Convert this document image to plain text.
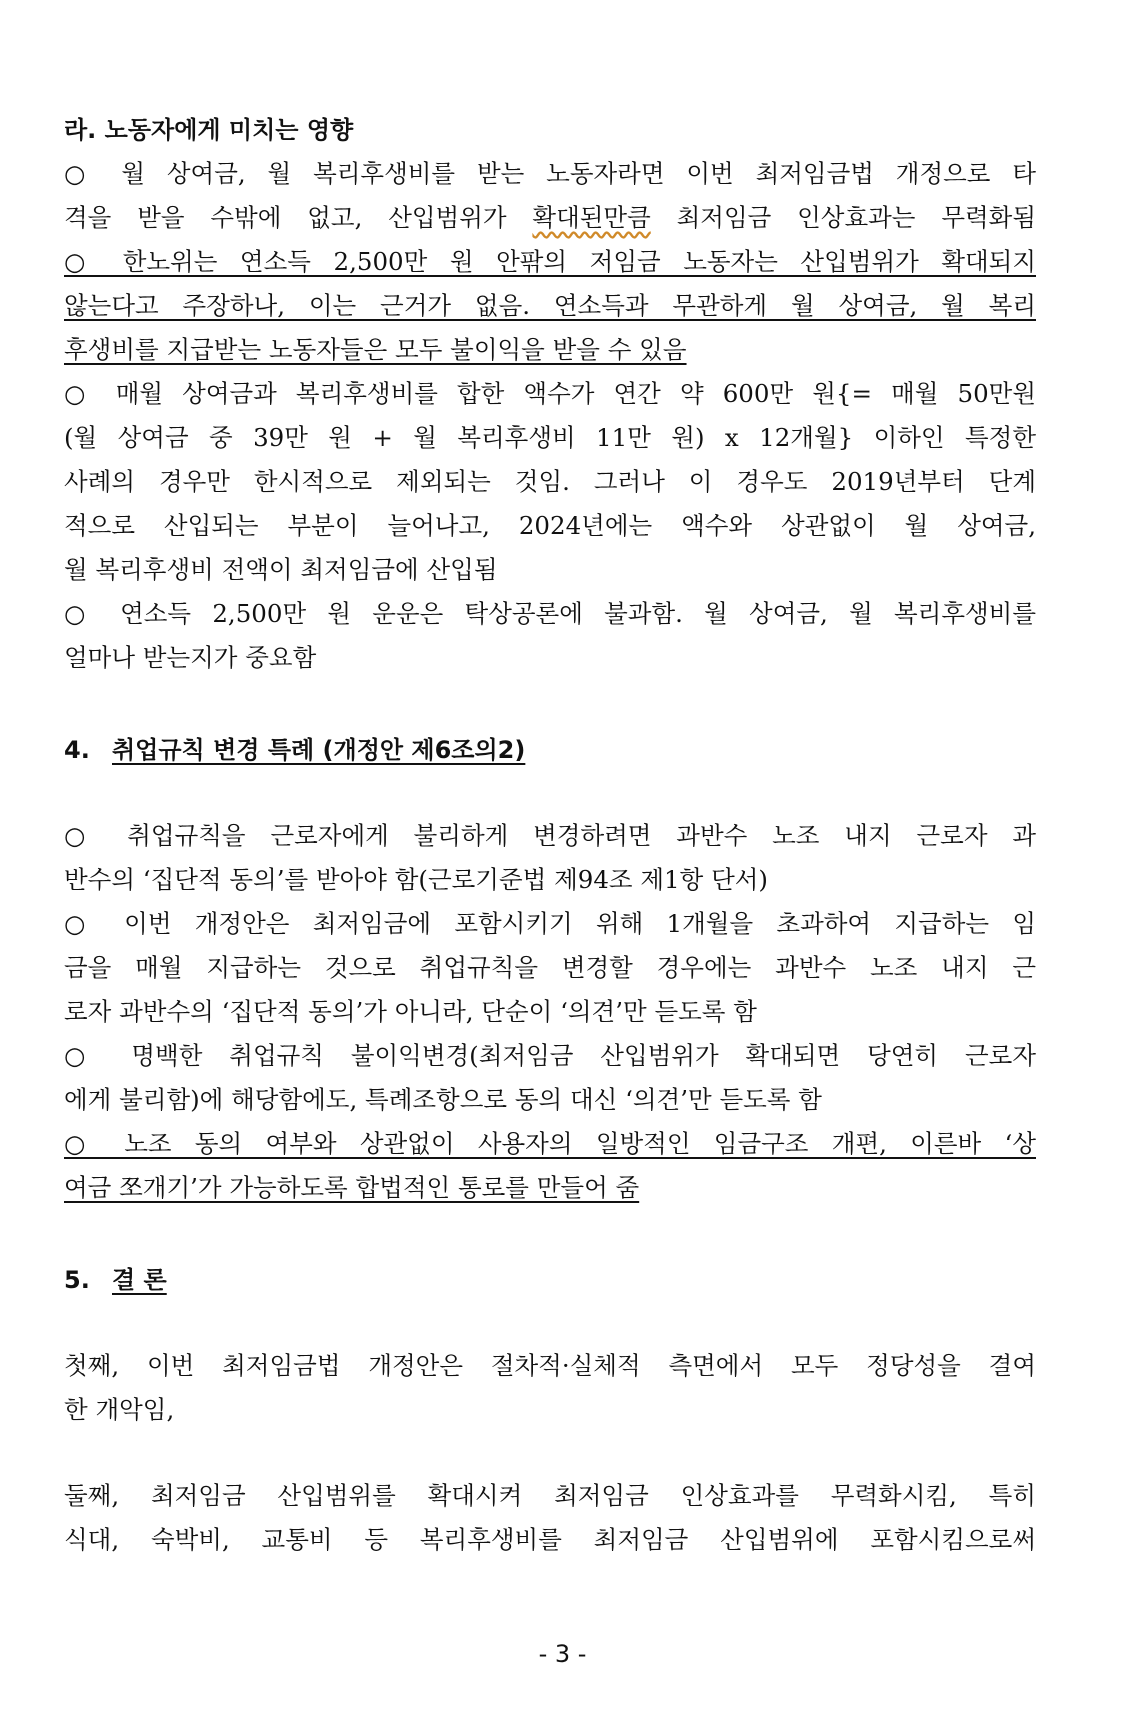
라. 노동자에게 미치는 영향
○ 월 상여금, 월 복리후생비를 받는 노동자라면 이번 최저임금법 개정으로 타
격을 받을 수밖에 없고, 산입범위가 확대된만큼 최저임금 인상효과는 무력화됨
○ 한노위는 연소득 2,500만 원 안팎의 저임금 노동자는 산입범위가 확대되지
않는다고 주장하나, 이는 근거가 없음. 연소득과 무관하게 월 상여금, 월 복리
후생비를 지급받는 노동자들은 모두 불이익을 받을 수 있음
○ 매월 상여금과 복리후생비를 합한 액수가 연간 약 600만 원{= 매월 50만원
(월 상여금 중 39만 원 + 월 복리후생비 11만 원) x 12개월} 이하인 특정한
사례의 경우만 한시적으로 제외되는 것임. 그러나 이 경우도 2019년부터 단계
적으로 산입되는 부분이 늘어나고, 2024년에는 액수와 상관없이 월 상여금,
월 복리후생비 전액이 최저임금에 산입됨
○ 연소득 2,500만 원 운운은 탁상공론에 불과함. 월 상여금, 월 복리후생비를
얼마나 받는지가 중요함
4. 취업규칙 변경 특례 (개정안 제6조의2)
○ 취업규칙을 근로자에게 불리하게 변경하려면 과반수 노조 내지 근로자 과
반수의 ‘집단적 동의’를 받아야 함(근로기준법 제94조 제1항 단서)
○ 이번 개정안은 최저임금에 포함시키기 위해 1개월을 초과하여 지급하는 임
금을 매월 지급하는 것으로 취업규칙을 변경할 경우에는 과반수 노조 내지 근
로자 과반수의 ‘집단적 동의’가 아니라, 단순이 ‘의견’만 듣도록 함
○ 명백한 취업규칙 불이익변경(최저임금 산입범위가 확대되면 당연히 근로자
에게 불리함)에 해당함에도, 특례조항으로 동의 대신 ‘의견’만 듣도록 함
○ 노조 동의 여부와 상관없이 사용자의 일방적인 임금구조 개편, 이른바 ‘상
여금 쪼개기’가 가능하도록 합법적인 통로를 만들어 줌
5. 결 론
첫째, 이번 최저임금법 개정안은 절차적·실체적 측면에서 모두 정당성을 결여
한 개악임,
둘째, 최저임금 산입범위를 확대시켜 최저임금 인상효과를 무력화시킴, 특히
식대, 숙박비, 교통비 등 복리후생비를 최저임금 산입범위에 포함시킴으로써
- 3 -
